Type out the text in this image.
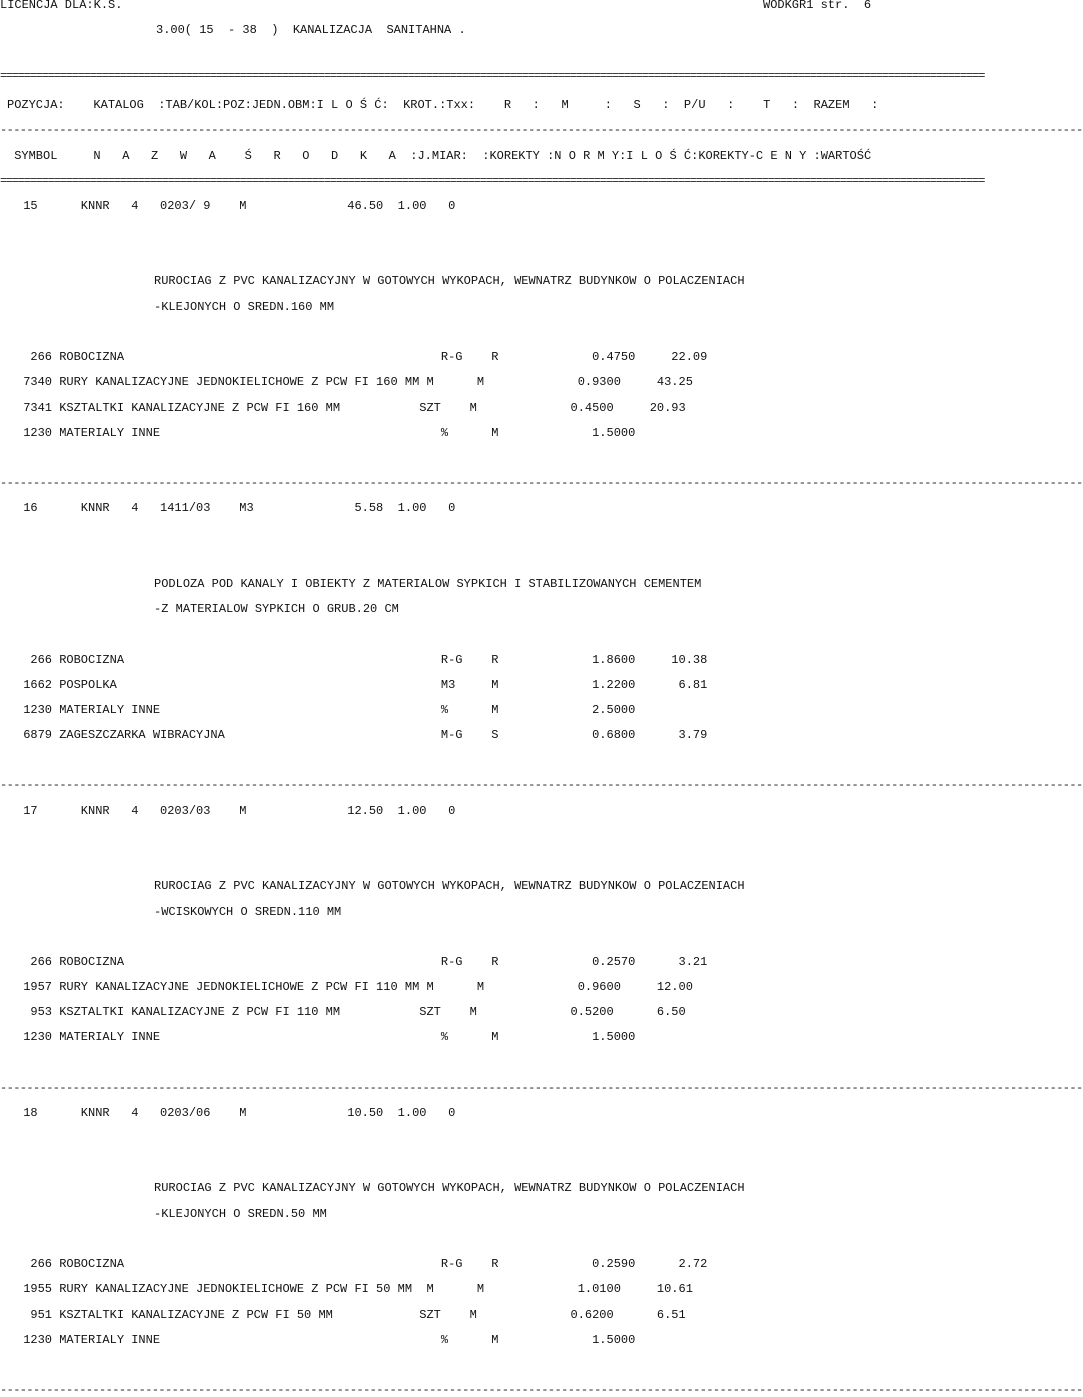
LICENCJA DLA:K.S.	WODKGR1 str.  6
3.00( 15  - 38  )  KANALIZACJA  SANITAHNA .
====================================================================================================================================================================
POZYCJA:    KATALOG  :TAB/KOL:POZ:JEDN.OBM:I L O Ś Ć:  KROT.:Txx:    R   :   M     :   S   :  P/U   :    T   :  RAZEM   :
--------------------------------------------------------------------------------------------------------------------------------------------------------------------
SYMBOL     N   A   Z   W   A    Ś   R   O   D   K   A  :J.MIAR:  :KOREKTY :N O R M Y:I L O Ś Ć:KOREKTY-C E N Y :WARTOŚĆ
====================================================================================================================================================================
15      KNNR   4   0203/ 9    M              46.50  1.00   0
RUROCIAG Z PVC KANALIZACYJNY W GOTOWYCH WYKOPACH, WEWNATRZ BUDYNKOW O POLACZENIACH
-KLEJONYCH O SREDN.160 MM
266 ROBOCIZNA                                            R-G    R             0.4750     22.09
7340 RURY KANALIZACYJNE JEDNOKIELICHOWE Z PCW FI 160 MM M      M             0.9300     43.25
7341 KSZTALTKI KANALIZACYJNE Z PCW FI 160 MM           SZT    M             0.4500     20.93
1230 MATERIALY INNE                                       %      M             1.5000
--------------------------------------------------------------------------------------------------------------------------------------------------------------------
16      KNNR   4   1411/03    M3              5.58  1.00   0
PODLOZA POD KANALY I OBIEKTY Z MATERIALOW SYPKICH I STABILIZOWANYCH CEMENTEM
-Z MATERIALOW SYPKICH O GRUB.20 CM
266 ROBOCIZNA                                            R-G    R             1.8600     10.38
1662 POSPOLKA                                             M3     M             1.2200      6.81
1230 MATERIALY INNE                                       %      M             2.5000
6879 ZAGESZCZARKA WIBRACYJNA                              M-G    S             0.6800      3.79
--------------------------------------------------------------------------------------------------------------------------------------------------------------------
17      KNNR   4   0203/03    M              12.50  1.00   0
RUROCIAG Z PVC KANALIZACYJNY W GOTOWYCH WYKOPACH, WEWNATRZ BUDYNKOW O POLACZENIACH
-WCISKOWYCH O SREDN.110 MM
266 ROBOCIZNA                                            R-G    R             0.2570      3.21
1957 RURY KANALIZACYJNE JEDNOKIELICHOWE Z PCW FI 110 MM M      M             0.9600     12.00
953 KSZTALTKI KANALIZACYJNE Z PCW FI 110 MM           SZT    M             0.5200      6.50
1230 MATERIALY INNE                                       %      M             1.5000
--------------------------------------------------------------------------------------------------------------------------------------------------------------------
18      KNNR   4   0203/06    M              10.50  1.00   0
RUROCIAG Z PVC KANALIZACYJNY W GOTOWYCH WYKOPACH, WEWNATRZ BUDYNKOW O POLACZENIACH
-KLEJONYCH O SREDN.50 MM
266 ROBOCIZNA                                            R-G    R             0.2590      2.72
1955 RURY KANALIZACYJNE JEDNOKIELICHOWE Z PCW FI 50 MM  M      M             1.0100     10.61
951 KSZTALTKI KANALIZACYJNE Z PCW FI 50 MM            SZT    M             0.6200      6.51
1230 MATERIALY INNE                                       %      M             1.5000
--------------------------------------------------------------------------------------------------------------------------------------------------------------------
